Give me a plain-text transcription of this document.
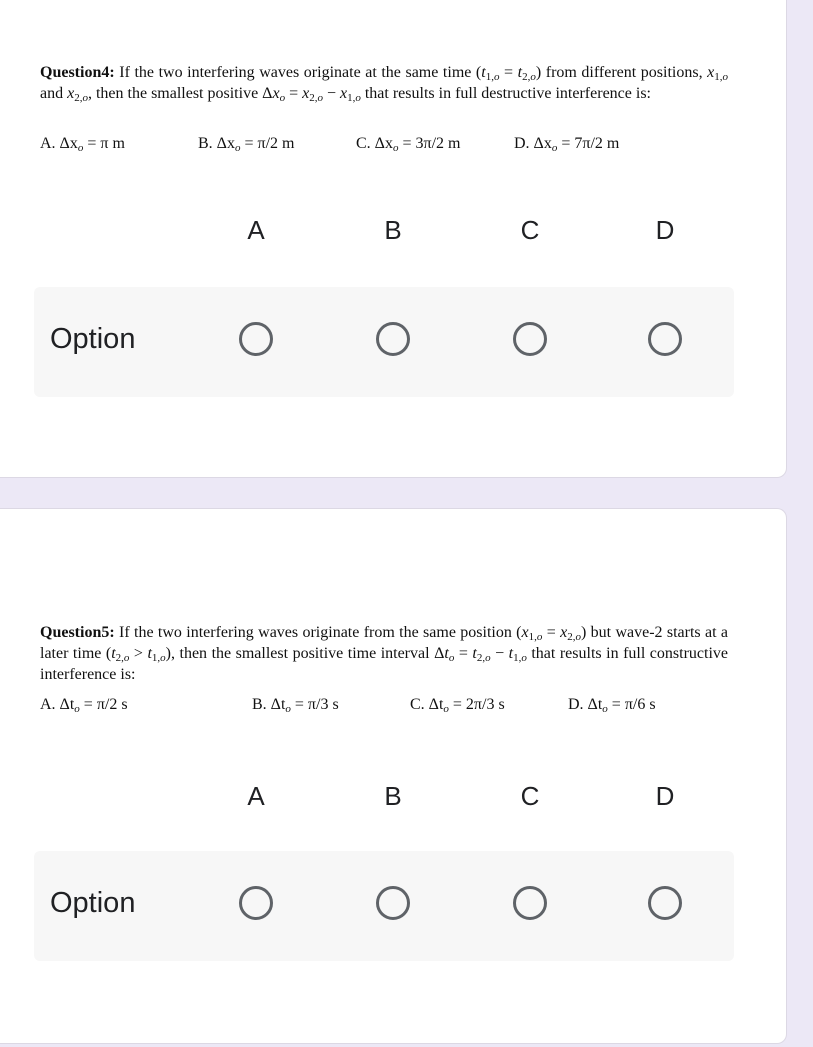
Question4: If the two interfering waves originate at the same time $(t_{1,o} = t_{2,o})$ from different positions, $x_{1,o}$ and $x_{2,o}$, then the smallest positive $\Delta x_o = x_{2,o} - x_{1,o}$ that results in full destructive interference is:
A. $\Delta x_o = \pi$ m	B. $\Delta x_o = \pi/2$ m	C. $\Delta x_o = 3\pi/2$ m	D. $\Delta x_o = 7\pi/2$ m
A	B	C	D
Option
Question5: If the two interfering waves originate from the same position $(x_{1,o} = x_{2,o})$ but wave-2 starts at a later time $(t_{2,o} > t_{1,o})$, then the smallest positive time interval $\Delta t_o = t_{2,o} - t_{1,o}$ that results in full constructive interference is:
A. $\Delta t_o = \pi/2$ s	B. $\Delta t_o = \pi/3$ s	C. $\Delta t_o = 2\pi/3$ s	D. $\Delta t_o = \pi/6$ s
A	B	C	D
Option
